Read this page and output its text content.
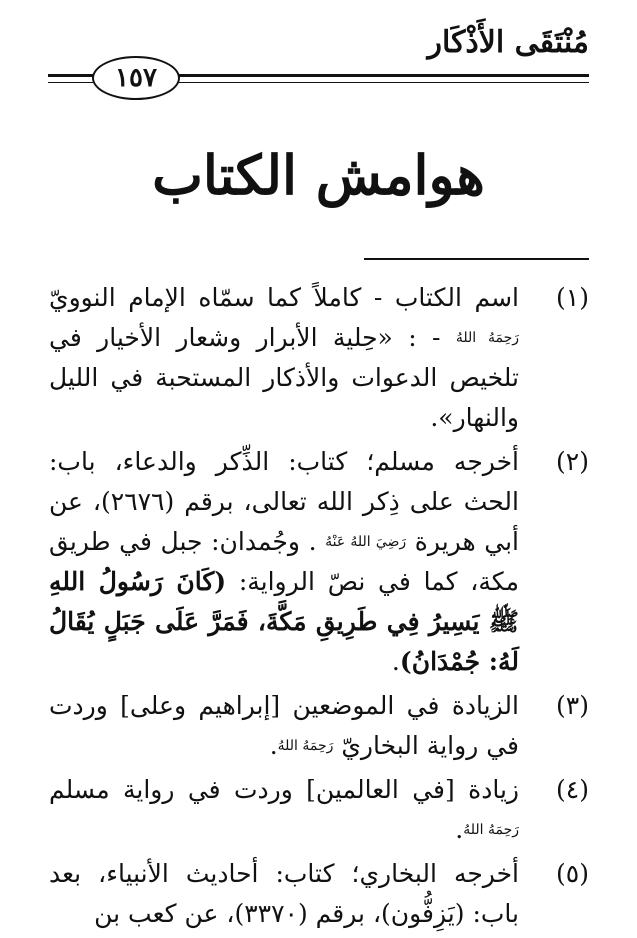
مُنْتَقَى الأَذْكَار
١٥٧
هوامش الكتاب
(١)
اسم الكتاب - كاملاً كما سمّاه الإمام النوويّ $^{رَحِمَهُ اللهُ}$ - : «حِلية الأبرار وشعار الأخيار في تلخيص الدعوات والأذكار المستحبة في الليل والنهار».
(٢)
أخرجه مسلم؛ كتاب: الذِّكر والدعاء، باب: الحث على ذِكر الله تعالى، برقم (٢٦٧٦)، عن أبي هريرة $^{رَضِيَ اللهُ عَنْهُ}$ . وجُمدان: جبل في طريق مكة، كما في نصّ الرواية: (كَانَ رَسُولُ اللهِ ﷺ يَسِيرُ فِي طَرِيقِ مَكَّةَ، فَمَرَّ عَلَى جَبَلٍ يُقَالُ لَهُ: جُمْدَانُ).
(٣)
الزيادة في الموضعين [إبراهيم وعلى] وردت في رواية البخاريّ $^{رَحِمَهُ اللهُ}$.
(٤)
زيادة [في العالمين] وردت في رواية مسلم $^{رَحِمَهُ اللهُ}$.
(٥)
أخرجه البخاري؛ كتاب: أحاديث الأنبياء، بعد باب: (يَزِفُّون)، برقم (٣٣٧٠)، عن كعب بن
